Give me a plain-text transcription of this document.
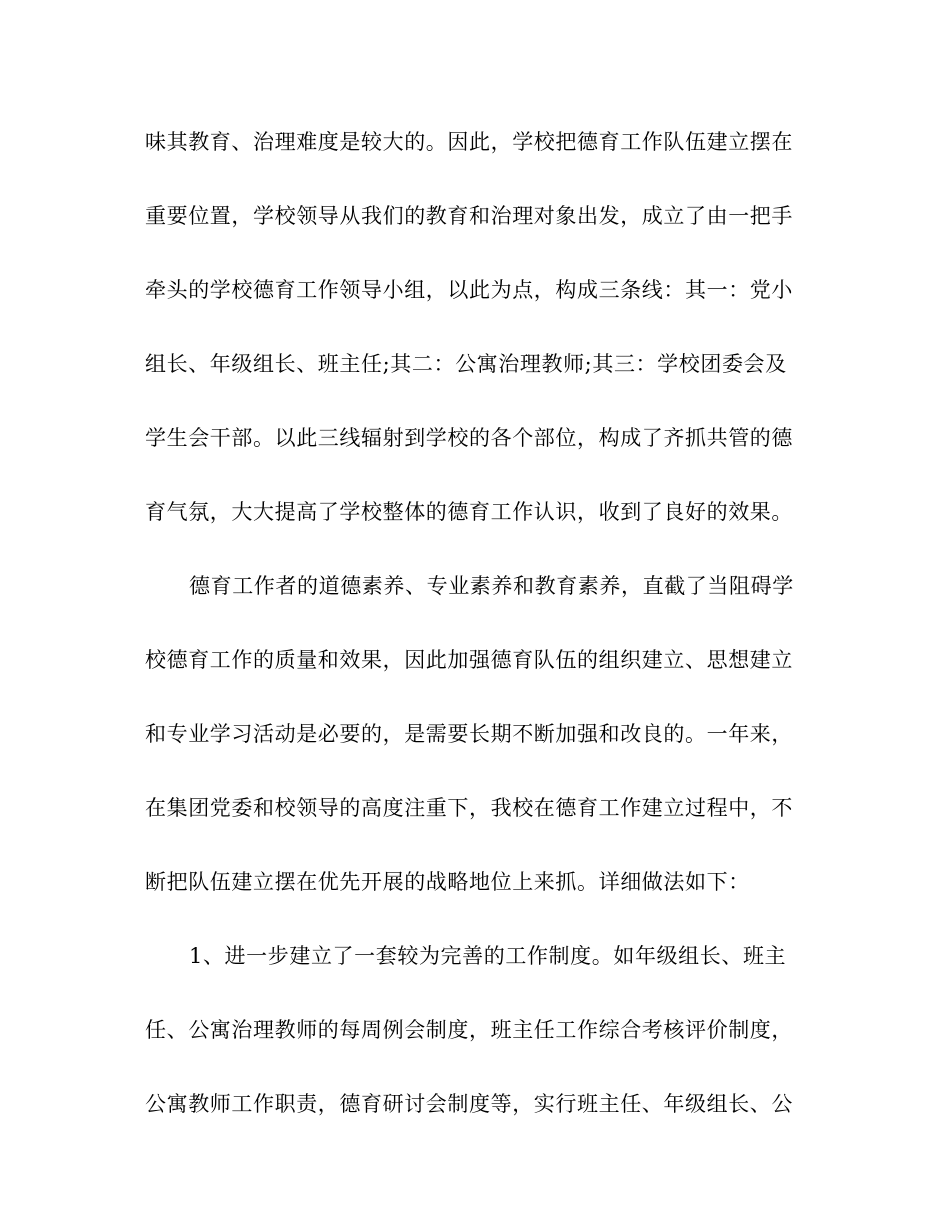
味其教育、治理难度是较大的。因此，学校把德育工作队伍建立摆在
重要位置，学校领导从我们的教育和治理对象出发，成立了由一把手
牵头的学校德育工作领导小组，以此为点，构成三条线：其一：党小
组长、年级组长、班主任;其二：公寓治理教师;其三：学校团委会及
学生会干部。以此三线辐射到学校的各个部位，构成了齐抓共管的德
育气氛，大大提高了学校整体的德育工作认识，收到了良好的效果。
德育工作者的道德素养、专业素养和教育素养，直截了当阻碍学
校德育工作的质量和效果，因此加强德育队伍的组织建立、思想建立
和专业学习活动是必要的，是需要长期不断加强和改良的。一年来，
在集团党委和校领导的高度注重下，我校在德育工作建立过程中，不
断把队伍建立摆在优先开展的战略地位上来抓。详细做法如下：
1、进一步建立了一套较为完善的工作制度。如年级组长、班主
任、公寓治理教师的每周例会制度，班主任工作综合考核评价制度，
公寓教师工作职责，德育研讨会制度等，实行班主任、年级组长、公
